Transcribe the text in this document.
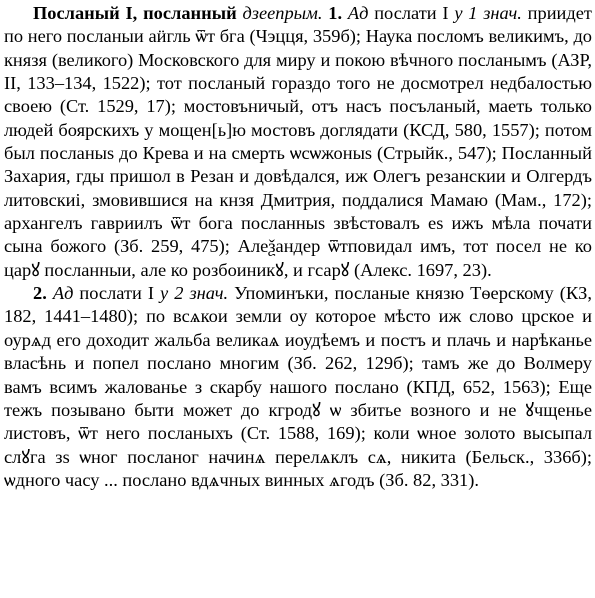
Посланый I, посланный дзеeпрым. 1. Ад послати I у 1 знач. приидет по него посланыи аӥгль ѿт бга (Чэцця, 359б); Наука посломъ великимъ, до князя (великого) Московского для миру и покою вѣчного посланымъ (АЗР, II, 133–134, 1522); тот посланый гораздо того не досмотрел недбалостью своею (Ст. 1529, 17); мостовъничый, отъ насъ посъланый, маеть только людей боярскихъ у мощен[ь]ю мостовъ доглядати (КСД, 580, 1557); потом был посланыs до Крева и на смерть ѡсѡжоныs (Стрыйк., 547); Посланный Захария, гды пришол в Резан и довѣдался, иж Олегъ резанскии и Олгердъ литовскиі, змовившися на кнзя Дмитрия, поддалися Мамаю (Мам., 172); архангелъ гавриилъ ѿт бога посланныs звѣстовалъ еs ижъ мѣла почати сына божого (Зб. 259, 475); Алеѯандер ѿтповидал имъ, тот посел не ко царꙋ посланныи, але ко розбоиникꙋ, и гсарꙋ (Алекс. 1697, 23).

2. Ад послати I у 2 знач. Упоминъки, посланые князю Тѳерскому (КЗ, 182, 1441–1480); по всѧкои земли оу которое мѣсто иж слово црское и оурѧд его доходит жальба великаѧ иоудѣемъ и постъ и плачь и нарѣканье власѣнь и попел послано многим (Зб. 262, 129б); тамъ же до Волмеру вамъ всимъ жалованье з скарбу нашого послано (КПД, 652, 1563); Еще тежъ позывано быти может до кгродꙋ ѡ збитье возного и не ꙋчщенье листовъ, ѿт него посланыхъ (Ст. 1588, 169); коли ѡное золото высыпал слꙋга зs ѡног посланог начинѧ перелѧклъ сѧ, никита (Бельск., 336б); ѡдного часу ... послано вдѧчных винных ѧгодъ (Зб. 82, 331).
